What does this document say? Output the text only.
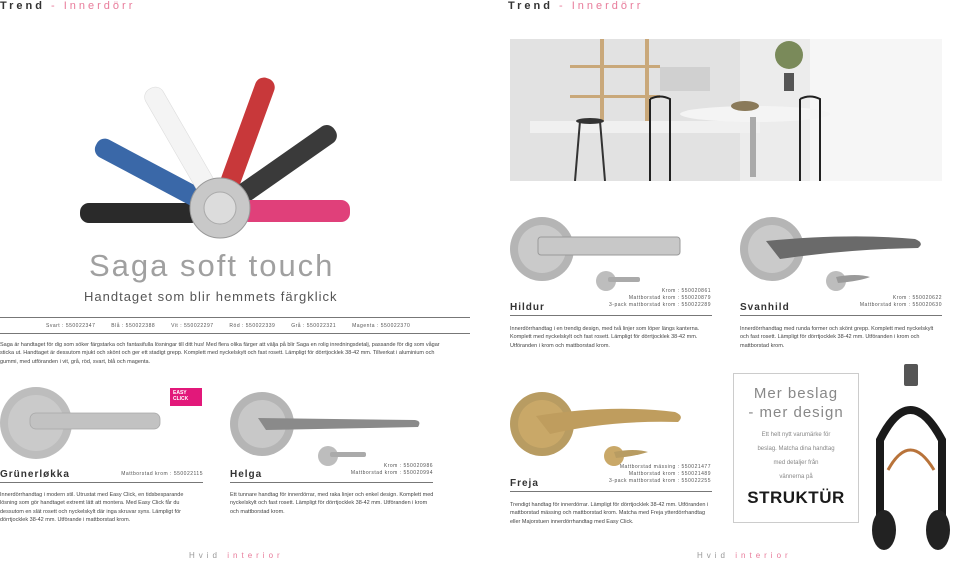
Trend - Innerdörr
Saga soft touch
Handtaget som blir hemmets färgklick
Svart : 550022347	Blå : 550022388	Vit : 550022297	Röd : 550022339	Grå : 550022321	Magenta : 550022370
Saga är handtaget för dig som söker färgstarka och fantasifulla lösningar till ditt hus! Med flera olika färger att välja på blir Saga en rolig inredningsdetalj, passande för dig som vågar sticka ut. Handtaget är dessutom mjukt och skönt och ger ett stadigt grepp. Komplett med nyckelskylt och fast rosett. Lämpligt för dörrtjocklek 38-42 mm. Tillverkat i aluminium och gummi, med utföranden i vit, grå, röd, svart, blå och magenta.
EASY CLICK
Grünerløkka	Mattborstad krom : 550022115
Innerdörrhandtag i modern stil. Utrustat med Easy Click, en tidsbesparande lösning som gör handtaget extremt lätt att montera. Med Easy Click får du dessutom en slät rosett och nyckelskylt där inga skruvar syns. Lämpligt för dörrtjocklek 38-42 mm. Utförande i mattborstad krom.
Helga
Krom : 550020986
Mattborstad krom : 550020994
Ett tunnare handtag för innerdörrar, med raka linjer och enkel design. Komplett med nyckelskylt och fast rosett. Lämpligt för dörrtjocklek 38-42 mm. Utföranden i krom och mattborstad krom.
Hvid interior
Trend - Innerdörr
Hildur
Krom : 550020861
Mattborstad krom : 550020879
3-pack mattborstad krom : 550022289
Innerdörrhandtag i en trendig design, med två linjer som löper längs kanterna. Komplett med nyckelskylt och fast rosett. Lämpligt för dörrtjocklek 38-42 mm. Utföranden i krom och mattborstad krom.
Svanhild
Krom : 550020622
Mattborstad krom : 550020630
Innerdörrhandtag med runda former och skönt grepp. Komplett med nyckelskylt och fast rosett. Lämpligt för dörrtjocklek 38-42 mm. Utföranden i krom och mattborstad krom.
Freja
Mattborstad mässing : 550021477
Mattborstad krom : 550021489
3-pack mattborstad krom : 550022255
Trendigt handtag för innerdörrar. Lämpligt för dörrtjocklek 38-42 mm. Utföranden i mattborstad mässing och mattborstad krom. Matcha med Freja ytterdörrhandtag eller Majorstuen innerdörrhandtag med Easy Click.
Mer beslag
- mer design
Ett helt nytt varumärke för
beslag. Matcha dina handtag
med detaljer från
vännerna på
STRUKTÜR
Hvid interior
